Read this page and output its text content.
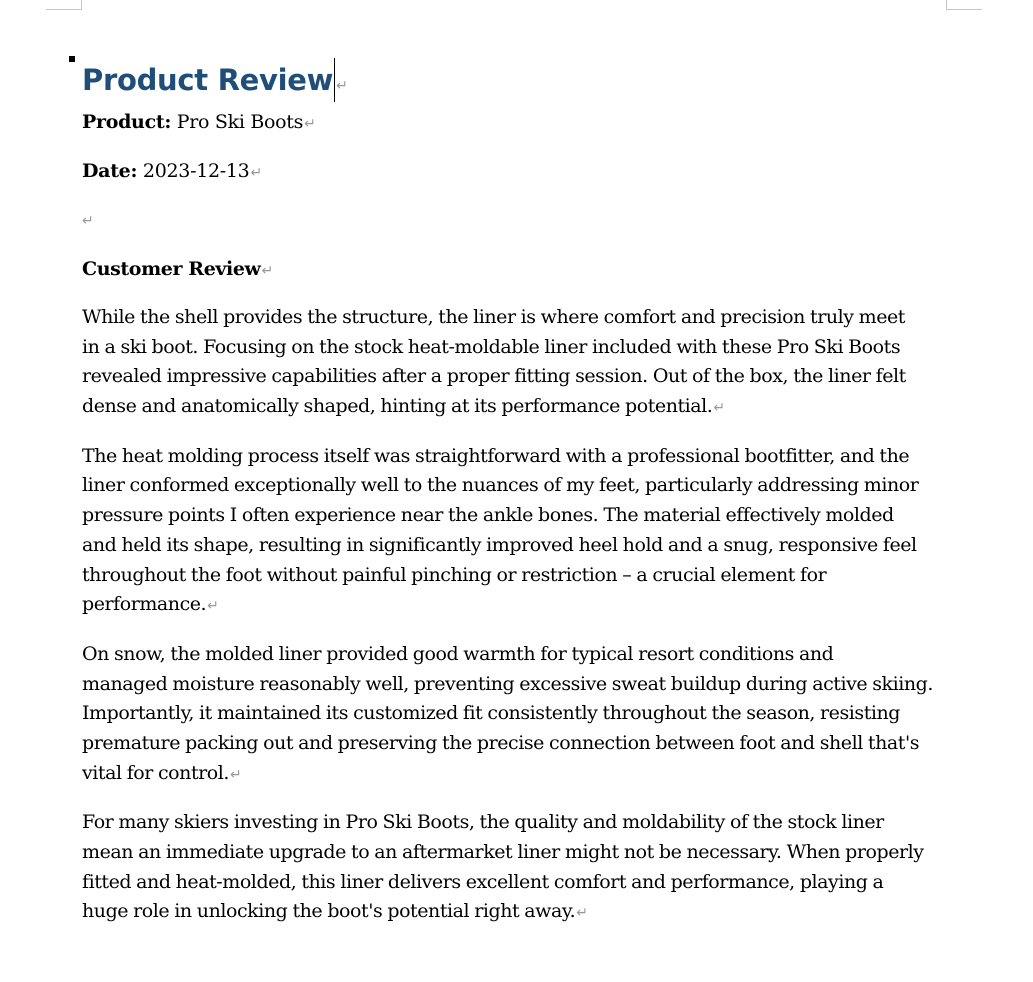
Product Review ↵
Product: Pro Ski Boots↵
Date: 2023-12-13↵
↵
Customer Review↵
While the shell provides the structure, the liner is where comfort and precision truly meet
in a ski boot. Focusing on the stock heat-moldable liner included with these Pro Ski Boots
revealed impressive capabilities after a proper fitting session. Out of the box, the liner felt
dense and anatomically shaped, hinting at its performance potential.↵
The heat molding process itself was straightforward with a professional bootfitter, and the
liner conformed exceptionally well to the nuances of my feet, particularly addressing minor
pressure points I often experience near the ankle bones. The material effectively molded
and held its shape, resulting in significantly improved heel hold and a snug, responsive feel
throughout the foot without painful pinching or restriction – a crucial element for
performance.↵
On snow, the molded liner provided good warmth for typical resort conditions and
managed moisture reasonably well, preventing excessive sweat buildup during active skiing.
Importantly, it maintained its customized fit consistently throughout the season, resisting
premature packing out and preserving the precise connection between foot and shell that's
vital for control.↵
For many skiers investing in Pro Ski Boots, the quality and moldability of the stock liner
mean an immediate upgrade to an aftermarket liner might not be necessary. When properly
fitted and heat-molded, this liner delivers excellent comfort and performance, playing a
huge role in unlocking the boot's potential right away.↵
